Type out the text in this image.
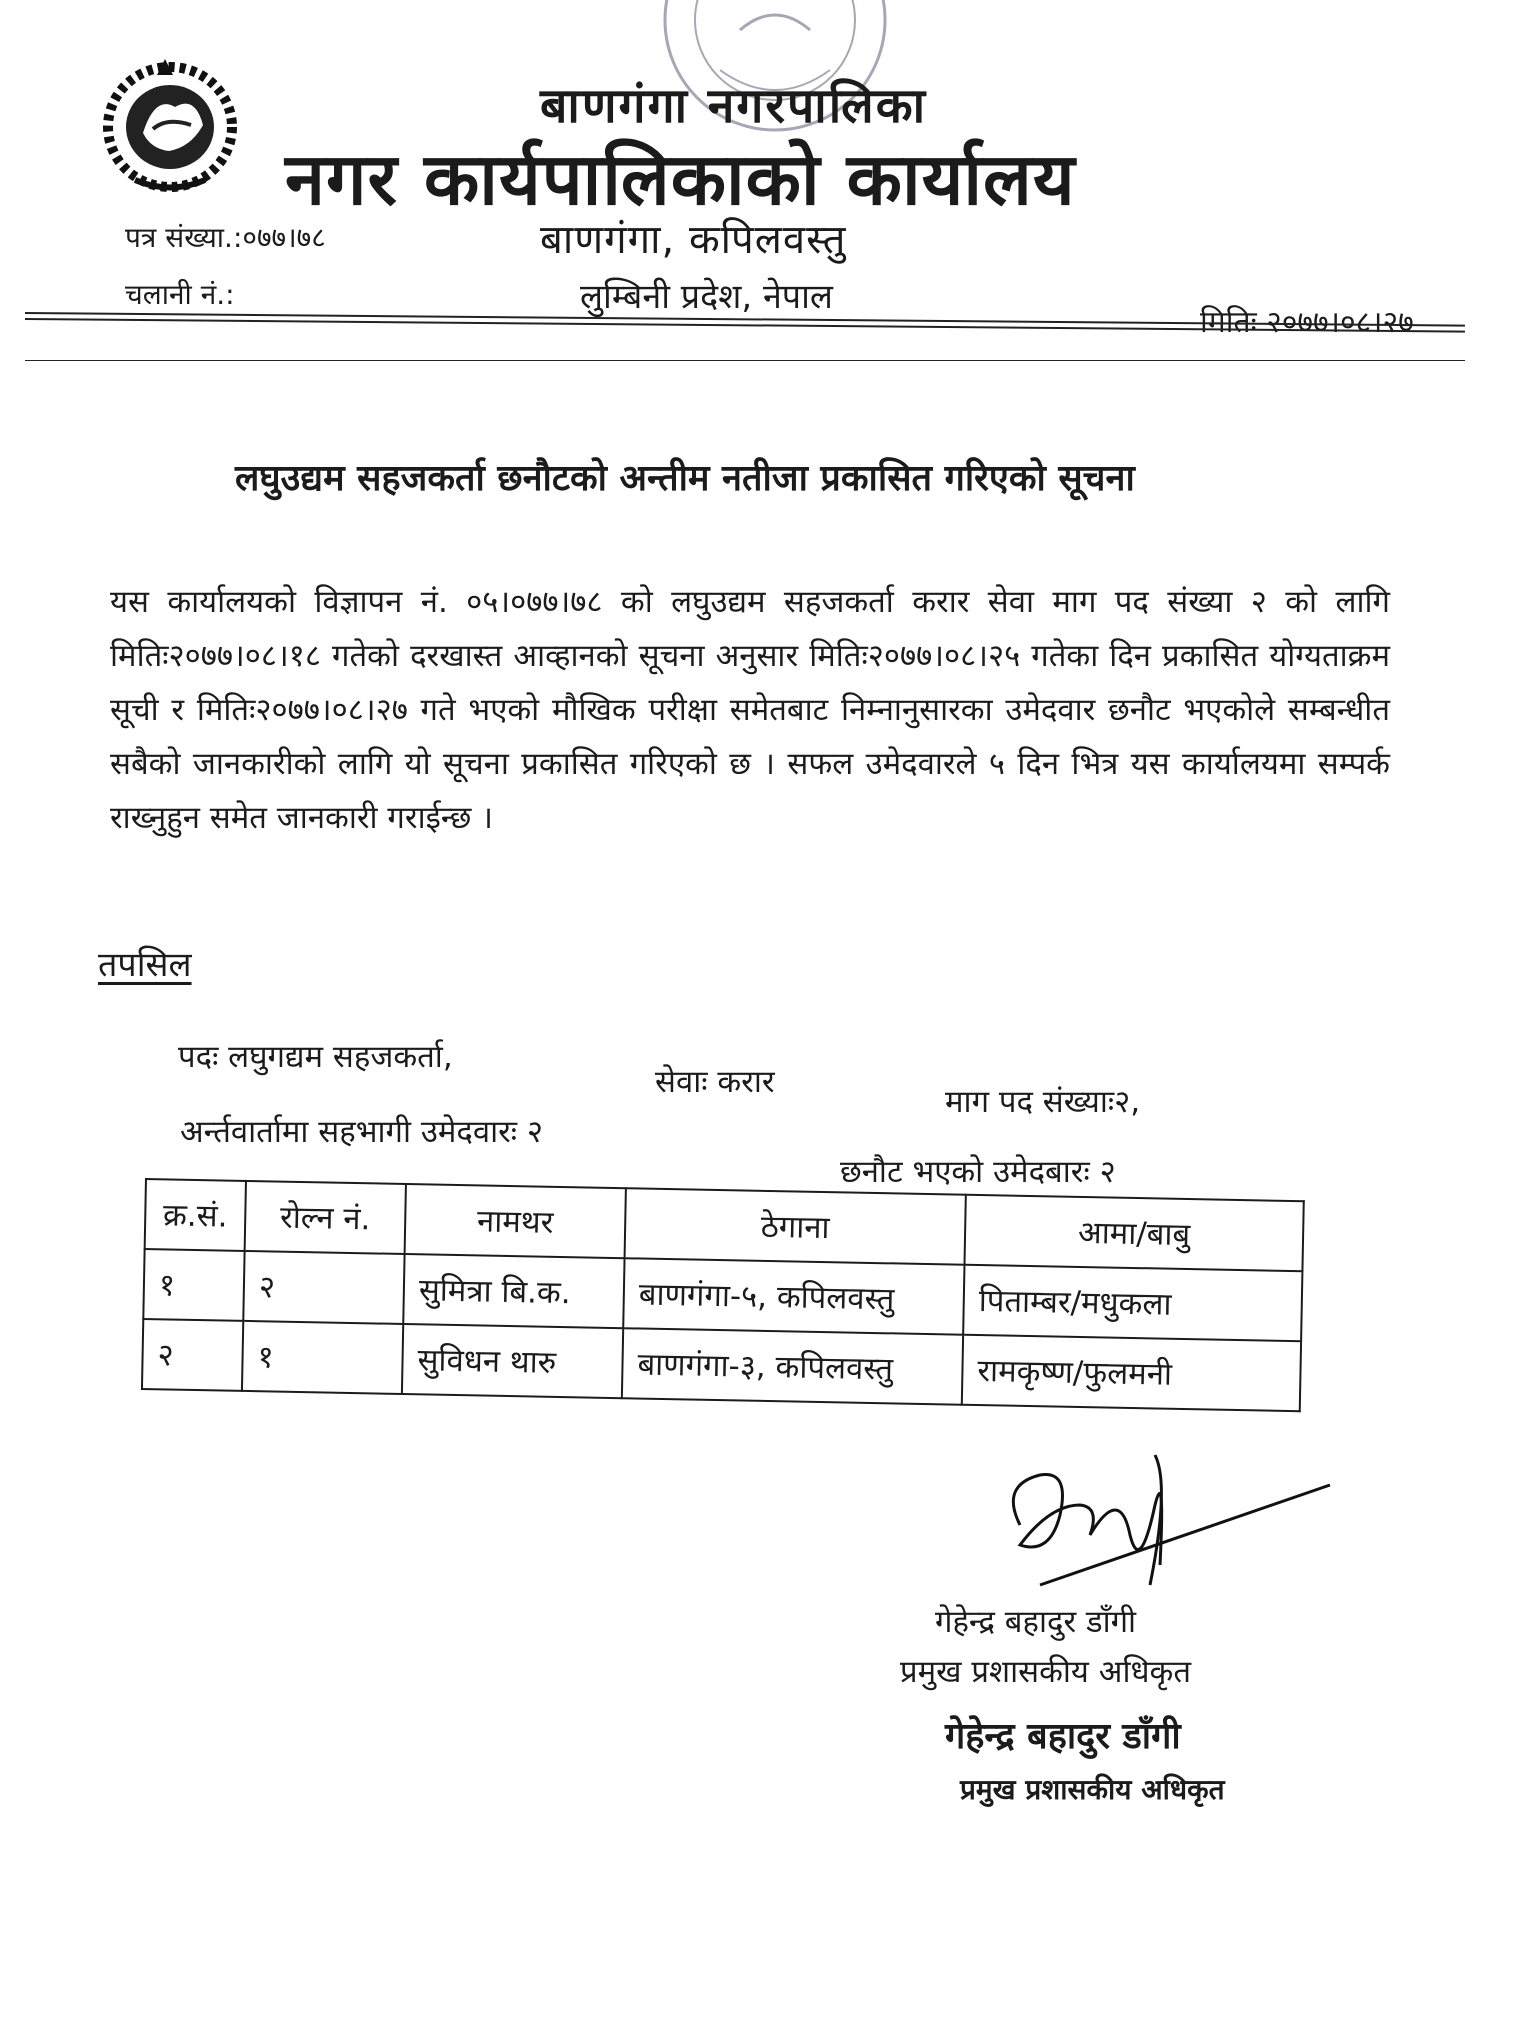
बाणगंगा नगरपालिका
नगर कार्यपालिकाको कार्यालय
बाणगंगा, कपिलवस्तु
लुम्बिनी प्रदेश, नेपाल
पत्र संख्या.:०७७।७८
चलानी नं.:
मितिः २०७७।०८।२७
लघुउद्यम सहजकर्ता छनौटको अन्तीम नतीजा प्रकासित गरिएको सूचना
यस कार्यालयको विज्ञापन नं. ०५।०७७।७८ को लघुउद्यम सहजकर्ता करार सेवा माग पद संख्या २ को लागि मितिः२०७७।०८।१८ गतेको दरखास्त आव्हानको सूचना अनुसार मितिः२०७७।०८।२५ गतेका दिन प्रकासित योग्यताक्रम सूची र मितिः२०७७।०८।२७ गते भएको मौखिक परीक्षा समेतबाट निम्नानुसारका उमेदवार छनौट भएकोले सम्बन्धीत सबैको जानकारीको लागि यो सूचना प्रकासित गरिएको छ । सफल उमेदवारले ५ दिन भित्र यस कार्यालयमा सम्पर्क राख्नुहुन समेत जानकारी गराईन्छ ।
तपसिल
पदः लघुगद्यम सहजकर्ता,
सेवाः करार
माग पद संख्याः२,
अर्न्तवार्तामा सहभागी उमेदवारः २
छनौट भएको उमेदबारः २
क्र.सं.	रोल्न नं.	नामथर	ठेगाना	आमा/बाबु
१	२	सुमित्रा बि.क.	बाणगंगा-५, कपिलवस्तु	पिताम्बर/मधुकला
२	१	सुविधन थारु	बाणगंगा-३, कपिलवस्तु	रामकृष्ण/फुलमनी
गेहेन्द्र बहादुर डाँगी
प्रमुख प्रशासकीय अधिकृत
गेहेन्द्र बहादुर डाँगी
प्रमुख प्रशासकीय अधिकृत
